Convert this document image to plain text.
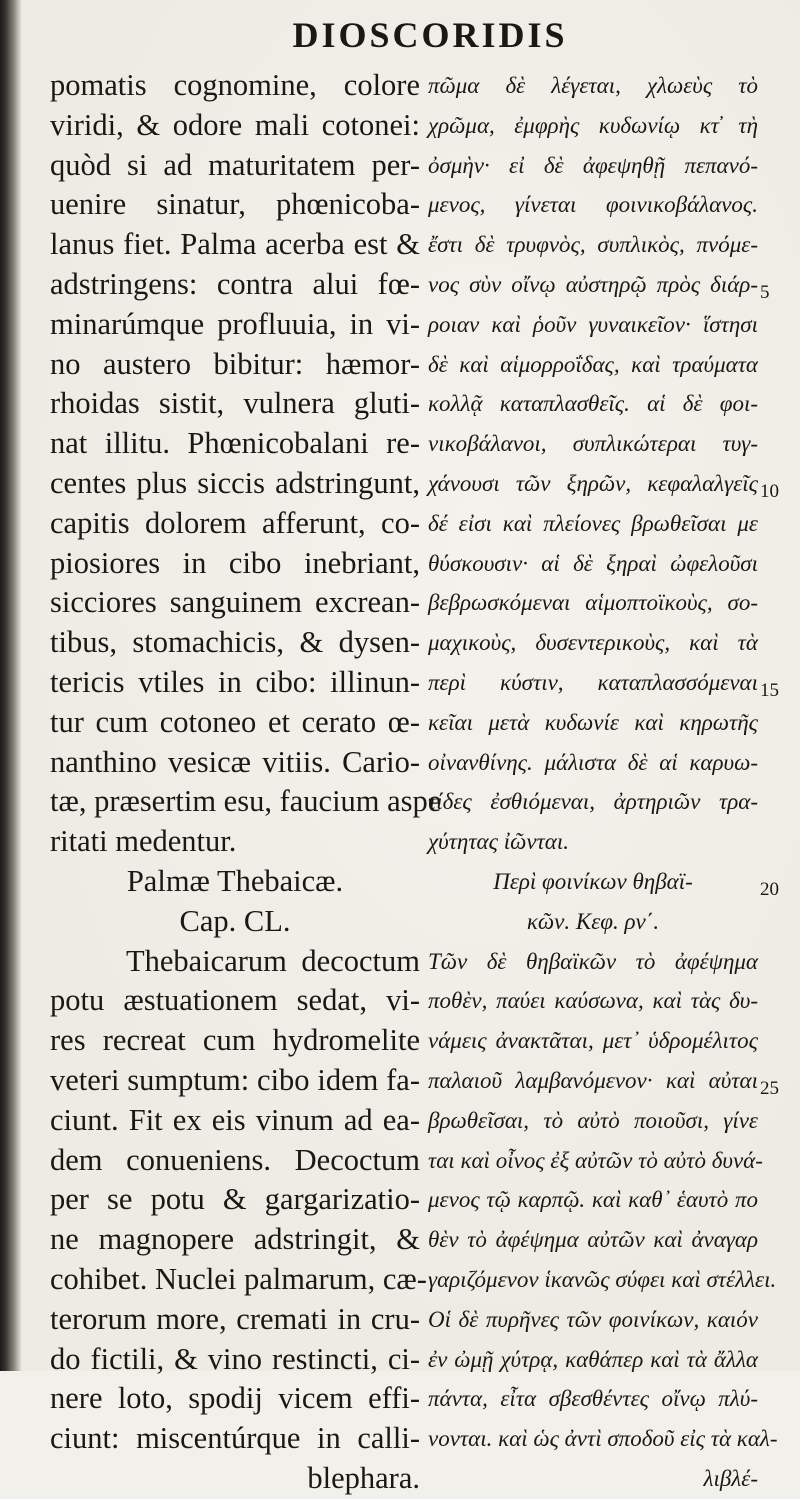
DIOSCORIDIS
pomatis cognomine, colore
viridi, & odore mali cotonei:
quòd si ad maturitatem per-
uenire sinatur, phœnicoba-
lanus fiet. Palma acerba est &
adstringens: contra alui fœ-
minarúmque profluuia, in vi-
no austero bibitur: hæmor-
rhoidas sistit, vulnera gluti-
nat illitu. Phœnicobalani re-
centes plus siccis adstringunt,
capitis dolorem afferunt, co-
piosiores in cibo inebriant,
sicciores sanguinem excrean-
tibus, stomachicis, & dysen-
tericis vtiles in cibo: illinun-
tur cum cotoneo et cerato œ-
nanthino vesicæ vitiis. Cario-
tæ, præsertim esu, faucium aspe
ritati medentur.
Palmæ Thebaicæ.
Cap. CL.
Thebaicarum decoctum
potu æstuationem sedat, vi-
res recreat cum hydromelite
veteri sumptum: cibo idem fa-
ciunt. Fit ex eis vinum ad ea-
dem conueniens. Decoctum
per se potu & gargarizatio-
ne magnopere adstringit, &
cohibet. Nuclei palmarum, cæ-
terorum more, cremati in cru-
do fictili, & vino restincti, ci-
nere loto, spodij vicem effi-
ciunt: miscentúrque in calli-
blephara.
πῶμα δὲ λέγεται, χλωεὺς τὸ
χρῶμα, ἐμφρὴς κυδωνίῳ κτ̓ τὴ
ὀσμὴν· εἰ δὲ ἀφεψηθῇ πεπανό-
μενος, γίνεται φοινικοβάλανος.
ἔστι δὲ τρυφνὸς, συπλικὸς, πνόμε-
νος σὺν οἴνῳ αὐστηρῷ πρὸς διάρ-
ροιαν καὶ ῥοῦν γυναικεῖον· ἵστησι
δὲ καὶ αἱμορροΐδας, καὶ τραύματα
κολλᾷ καταπλασθεῖς. αἱ δὲ φοι-
νικοβάλανοι, συπλικώτεραι τυγ-
χάνουσι τῶν ξηρῶν, κεφαλαλγεῖς
δέ εἰσι καὶ πλείονες βρωθεῖσαι με
θύσκουσιν· αἱ δὲ ξηραὶ ὠφελοῦσι
βεβρωσκόμεναι αἱμοπτοϊκοὺς, σο-
μαχικοὺς, δυσεντερικοὺς, καὶ τὰ
περὶ κύστιν, καταπλασσόμεναι
κεῖαι μετὰ κυδωνίε καὶ κηρωτῆς
οἰνανθίνης. μάλιστα δὲ αἱ καρυω-
τίδες ἐσθιόμεναι, ἀρτηριῶν τρα-
χύτητας ἰῶνται.
Περὶ φοινίκων θηβαϊ-
κῶν. Κεφ. ρν΄.
Τῶν δὲ θηβαϊκῶν τὸ ἀφέψημα
ποθὲν, παύει καύσωνα, καὶ τὰς δυ-
νάμεις ἀνακτᾶται, μετ᾽ ὑδρομέλιτος
παλαιοῦ λαμβανόμενον· καὶ αὐται
βρωθεῖσαι, τὸ αὐτὸ ποιοῦσι, γίνε
ται καὶ οἶνος ἐξ αὐτῶν τὸ αὐτὸ δυνά-
μενος τῷ καρπῷ. καὶ καθ᾽ ἑαυτὸ πο
θὲν τὸ ἀφέψημα αὐτῶν καὶ ἀναγαρ
γαριζόμενον ἱκανῶς σύφει καὶ στέλλει.
Οἱ δὲ πυρῆνες τῶν φοινίκων, καιόν
ἐν ὠμῇ χύτρᾳ, καθάπερ καὶ τὰ ἄλλα
πάντα, εἶτα σβεσθέντες οἴνῳ πλύ-
νονται. καὶ ὡς ἀντὶ σποδοῦ εἰς τὰ καλ-
λιβλέ-
5
10
15
20
25
